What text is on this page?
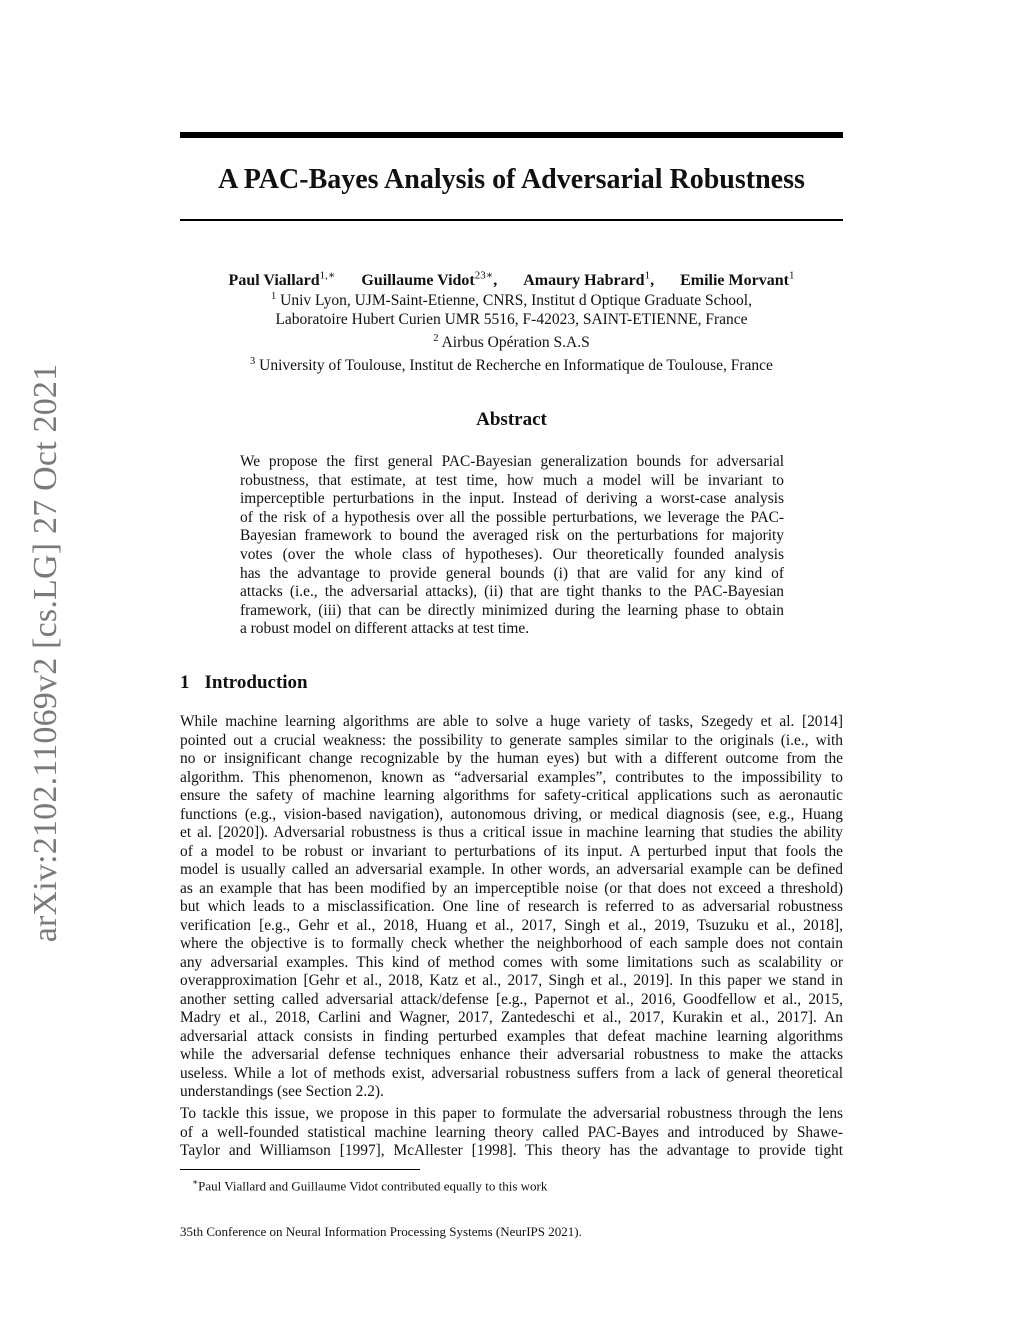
arXiv:2102.11069v2 [cs.LG] 27 Oct 2021
A PAC-Bayes Analysis of Adversarial Robustness
Paul Viallard$^{1,∗}$ Guillaume Vidot$^{23∗}$, Amaury Habrard$^1$, Emilie Morvant$^1$
$^1$ Univ Lyon, UJM-Saint-Etienne, CNRS, Institut d Optique Graduate School,
Laboratoire Hubert Curien UMR 5516, F-42023, SAINT-ETIENNE, France
$^2$ Airbus Opération S.A.S
$^3$ University of Toulouse, Institut de Recherche en Informatique de Toulouse, France
Abstract
We propose the first general PAC-Bayesian generalization bounds for adversarial
robustness, that estimate, at test time, how much a model will be invariant to
imperceptible perturbations in the input. Instead of deriving a worst-case analysis
of the risk of a hypothesis over all the possible perturbations, we leverage the PAC-
Bayesian framework to bound the averaged risk on the perturbations for majority
votes (over the whole class of hypotheses). Our theoretically founded analysis
has the advantage to provide general bounds (i) that are valid for any kind of
attacks (i.e., the adversarial attacks), (ii) that are tight thanks to the PAC-Bayesian
framework, (iii) that can be directly minimized during the learning phase to obtain
a robust model on different attacks at test time.
1 Introduction
While machine learning algorithms are able to solve a huge variety of tasks, Szegedy et al. [2014]
pointed out a crucial weakness: the possibility to generate samples similar to the originals (i.e., with
no or insignificant change recognizable by the human eyes) but with a different outcome from the
algorithm. This phenomenon, known as “adversarial examples”, contributes to the impossibility to
ensure the safety of machine learning algorithms for safety-critical applications such as aeronautic
functions (e.g., vision-based navigation), autonomous driving, or medical diagnosis (see, e.g., Huang
et al. [2020]). Adversarial robustness is thus a critical issue in machine learning that studies the ability
of a model to be robust or invariant to perturbations of its input. A perturbed input that fools the
model is usually called an adversarial example. In other words, an adversarial example can be defined
as an example that has been modified by an imperceptible noise (or that does not exceed a threshold)
but which leads to a misclassification. One line of research is referred to as adversarial robustness
verification [e.g., Gehr et al., 2018, Huang et al., 2017, Singh et al., 2019, Tsuzuku et al., 2018],
where the objective is to formally check whether the neighborhood of each sample does not contain
any adversarial examples. This kind of method comes with some limitations such as scalability or
overapproximation [Gehr et al., 2018, Katz et al., 2017, Singh et al., 2019]. In this paper we stand in
another setting called adversarial attack/defense [e.g., Papernot et al., 2016, Goodfellow et al., 2015,
Madry et al., 2018, Carlini and Wagner, 2017, Zantedeschi et al., 2017, Kurakin et al., 2017]. An
adversarial attack consists in finding perturbed examples that defeat machine learning algorithms
while the adversarial defense techniques enhance their adversarial robustness to make the attacks
useless. While a lot of methods exist, adversarial robustness suffers from a lack of general theoretical
understandings (see Section 2.2).
To tackle this issue, we propose in this paper to formulate the adversarial robustness through the lens
of a well-founded statistical machine learning theory called PAC-Bayes and introduced by Shawe-
Taylor and Williamson [1997], McAllester [1998]. This theory has the advantage to provide tight
∗Paul Viallard and Guillaume Vidot contributed equally to this work
35th Conference on Neural Information Processing Systems (NeurIPS 2021).
